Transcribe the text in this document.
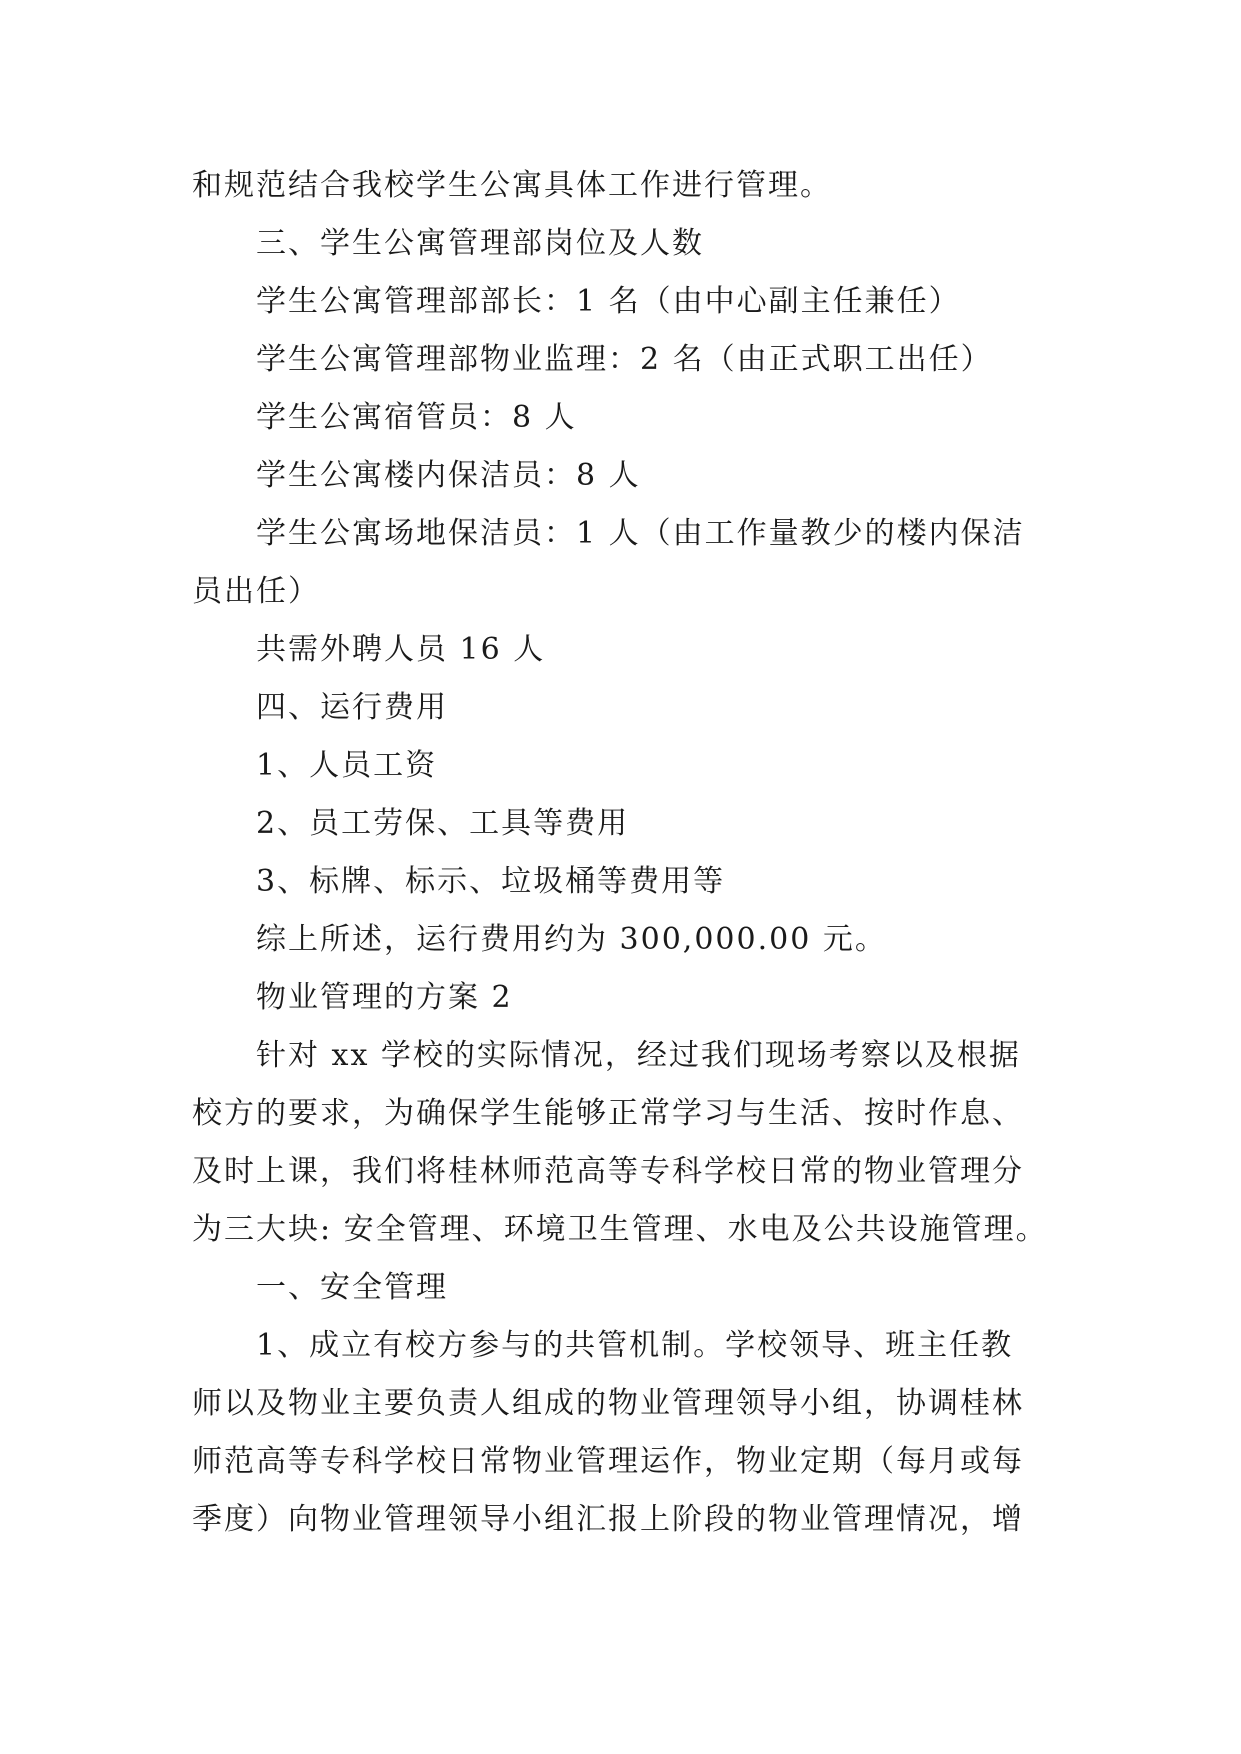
和规范结合我校学生公寓具体工作进行管理。
三、学生公寓管理部岗位及人数
学生公寓管理部部长：1 名（由中心副主任兼任）
学生公寓管理部物业监理：2 名（由正式职工出任）
学生公寓宿管员：8 人
学生公寓楼内保洁员：8 人
学生公寓场地保洁员：1 人（由工作量教少的楼内保洁
员出任）
共需外聘人员 16 人
四、运行费用
1、人员工资
2、员工劳保、工具等费用
3、标牌、标示、垃圾桶等费用等
综上所述，运行费用约为 300,000.00 元。
物业管理的方案 2
针对 xx 学校的实际情况，经过我们现场考察以及根据
校方的要求，为确保学生能够正常学习与生活、按时作息、
及时上课，我们将桂林师范高等专科学校日常的物业管理分
为三大块: 安全管理、环境卫生管理、水电及公共设施管理。
一、安全管理
1、成立有校方参与的共管机制。学校领导、班主任教
师以及物业主要负责人组成的物业管理领导小组，协调桂林
师范高等专科学校日常物业管理运作，物业定期（每月或每
季度）向物业管理领导小组汇报上阶段的物业管理情况，增
